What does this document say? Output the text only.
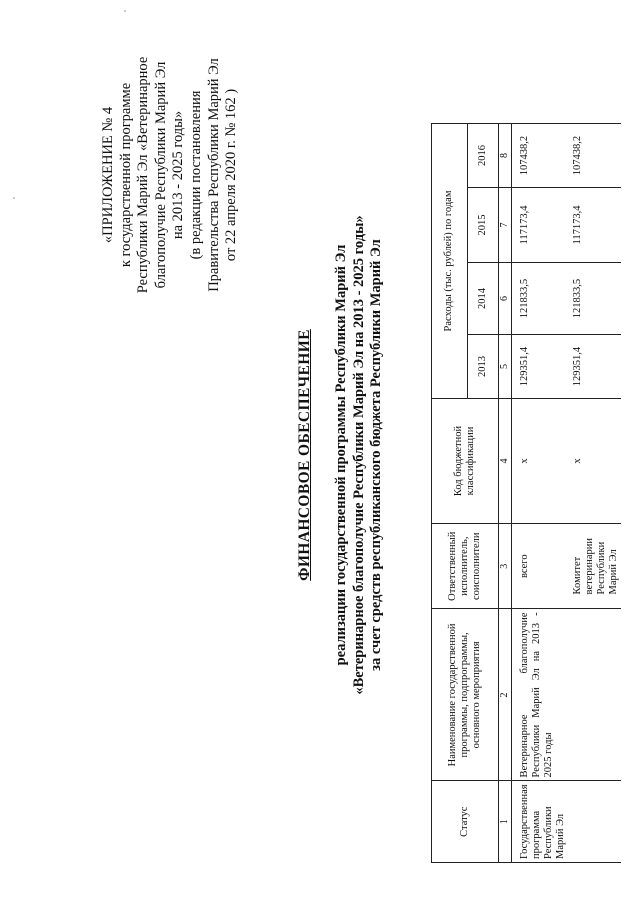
«ПРИЛОЖЕНИЕ № 4 к государственной программе Республики Марий Эл «Ветеринарное благополучие Республики Марий Эл на 2013 - 2025 годы» (в редакции постановления Правительства Республики Марий Эл от 22 апреля 2020 г. № 162 )
ФИНАНСОВОЕ ОБЕСПЕЧЕНИЕ реализации государственной программы Республики Марий Эл «Ветеринарное благополучие Республики Марий Эл на 2013 - 2025 годы» за счет средств республиканского бюджета Республики Марий Эл
Статус	Наименование государственной программы, подпрограммы, основного мероприятия	Ответственный исполнитель, соисполнители	Код бюджетной классификации	Расходы (тыс. рублей) по годам			
				2013	2014	2015	2016
1	2	3	4	5	6	7	8
Государственная программа Республики Марий Эл	Ветеринарное благополучие Республики Марий Эл на 2013 - 2025 годы	всего	х	129351,4	121833,5	117173,4	107438,2
		Комитет ветеринарии Республики Марий Эл	х	129351,4	121833,5	117173,4	107438,2
